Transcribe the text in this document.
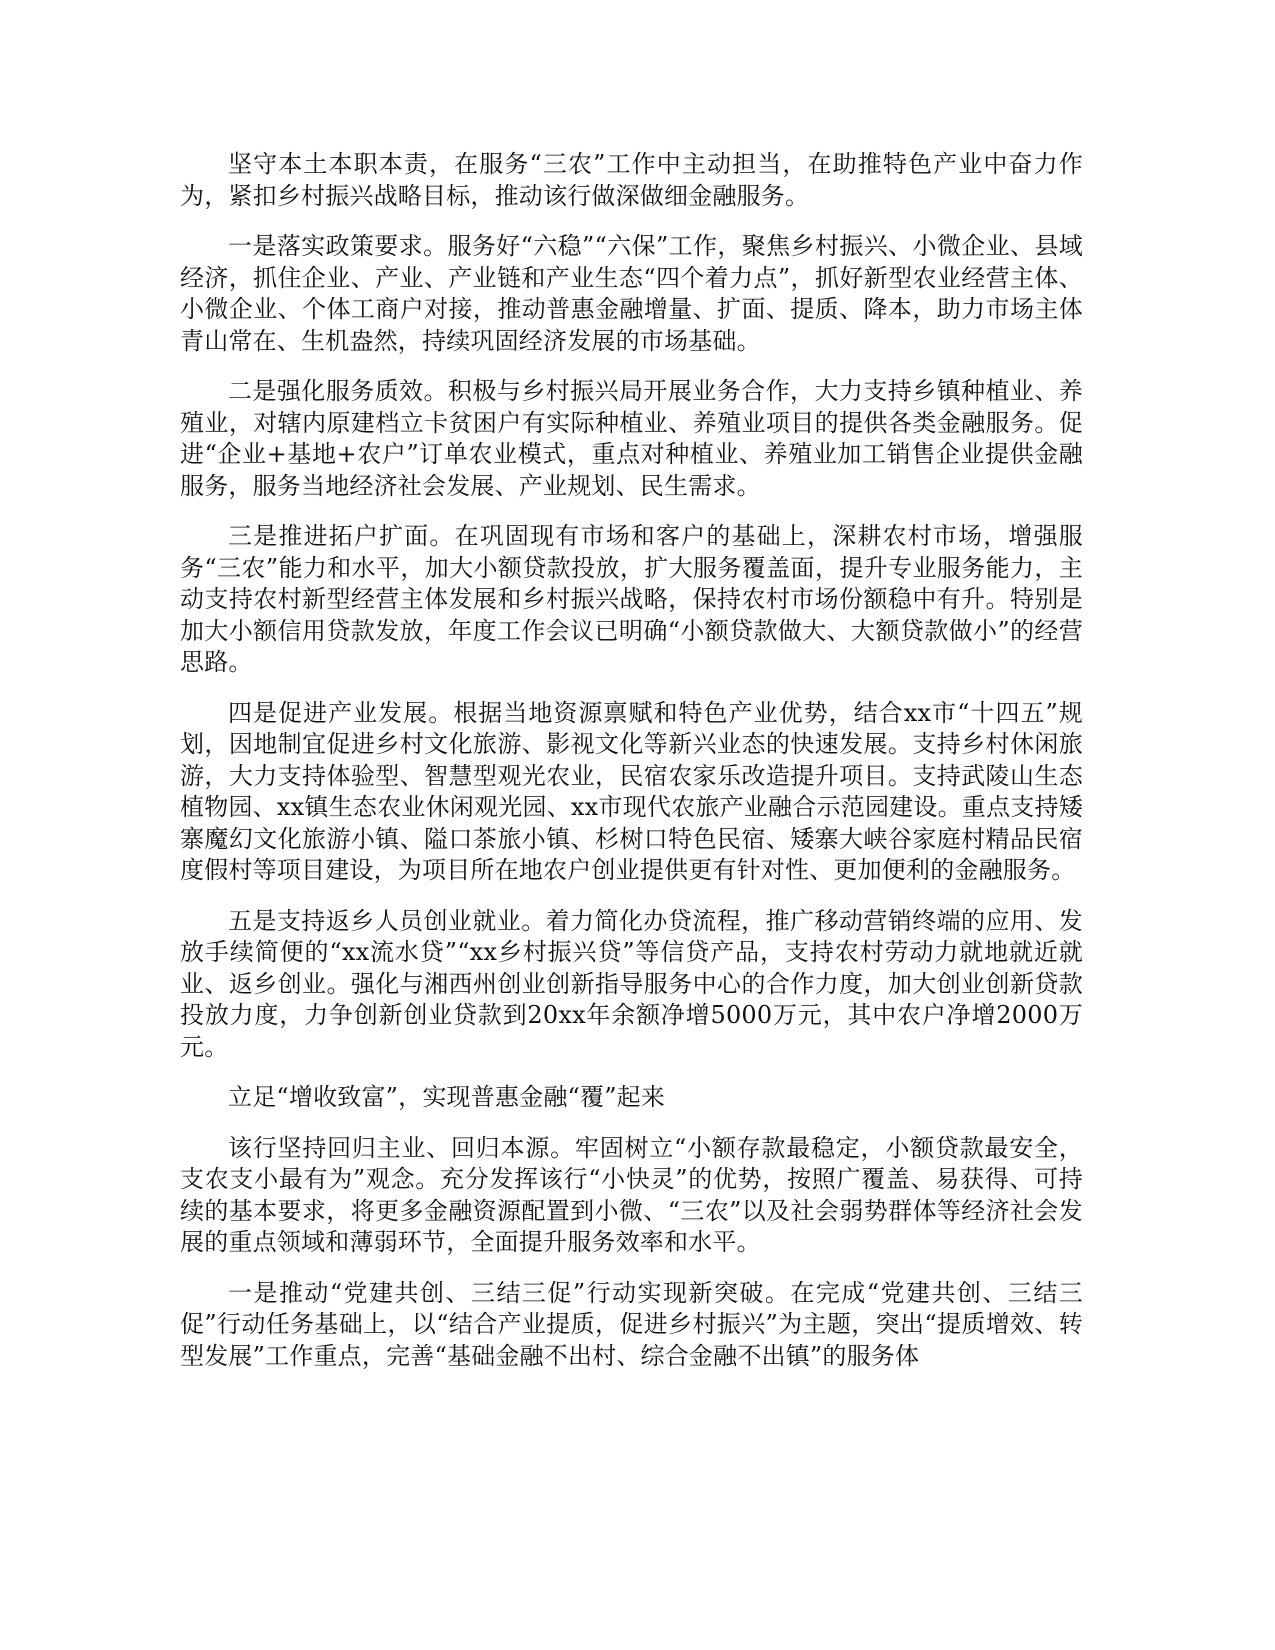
坚守本土本职本责，在服务“三农”工作中主动担当，在助推特色产业中奋力作为，紧扣乡村振兴战略目标，推动该行做深做细金融服务。

一是落实政策要求。服务好“六稳”“六保”工作，聚焦乡村振兴、小微企业、县域经济，抓住企业、产业、产业链和产业生态“四个着力点”，抓好新型农业经营主体、小微企业、个体工商户对接，推动普惠金融增量、扩面、提质、降本，助力市场主体青山常在、生机盎然，持续巩固经济发展的市场基础。

二是强化服务质效。积极与乡村振兴局开展业务合作，大力支持乡镇种植业、养殖业，对辖内原建档立卡贫困户有实际种植业、养殖业项目的提供各类金融服务。促进“企业+基地+农户”订单农业模式，重点对种植业、养殖业加工销售企业提供金融服务，服务当地经济社会发展、产业规划、民生需求。

三是推进拓户扩面。在巩固现有市场和客户的基础上，深耕农村市场，增强服务“三农”能力和水平，加大小额贷款投放，扩大服务覆盖面，提升专业服务能力，主动支持农村新型经营主体发展和乡村振兴战略，保持农村市场份额稳中有升。特别是加大小额信用贷款发放，年度工作会议已明确“小额贷款做大、大额贷款做小”的经营思路。

四是促进产业发展。根据当地资源禀赋和特色产业优势，结合xx市“十四五”规划，因地制宜促进乡村文化旅游、影视文化等新兴业态的快速发展。支持乡村休闲旅游，大力支持体验型、智慧型观光农业，民宿农家乐改造提升项目。支持武陵山生态植物园、xx镇生态农业休闲观光园、xx市现代农旅产业融合示范园建设。重点支持矮寨魔幻文化旅游小镇、隘口茶旅小镇、杉树口特色民宿、矮寨大峡谷家庭村精品民宿度假村等项目建设，为项目所在地农户创业提供更有针对性、更加便利的金融服务。

五是支持返乡人员创业就业。着力简化办贷流程，推广移动营销终端的应用、发放手续简便的“xx流水贷”“xx乡村振兴贷”等信贷产品，支持农村劳动力就地就近就业、返乡创业。强化与湘西州创业创新指导服务中心的合作力度，加大创业创新贷款投放力度，力争创新创业贷款到20xx年余额净增5000万元，其中农户净增2000万元。

立足“增收致富”，实现普惠金融“覆”起来

该行坚持回归主业、回归本源。牢固树立“小额存款最稳定，小额贷款最安全，支农支小最有为”观念。充分发挥该行“小快灵”的优势，按照广覆盖、易获得、可持续的基本要求，将更多金融资源配置到小微、“三农”以及社会弱势群体等经济社会发展的重点领域和薄弱环节，全面提升服务效率和水平。

一是推动“党建共创、三结三促”行动实现新突破。在完成“党建共创、三结三促”行动任务基础上，以“结合产业提质，促进乡村振兴”为主题，突出“提质增效、转型发展”工作重点，完善“基础金融不出村、综合金融不出镇”的服务体
